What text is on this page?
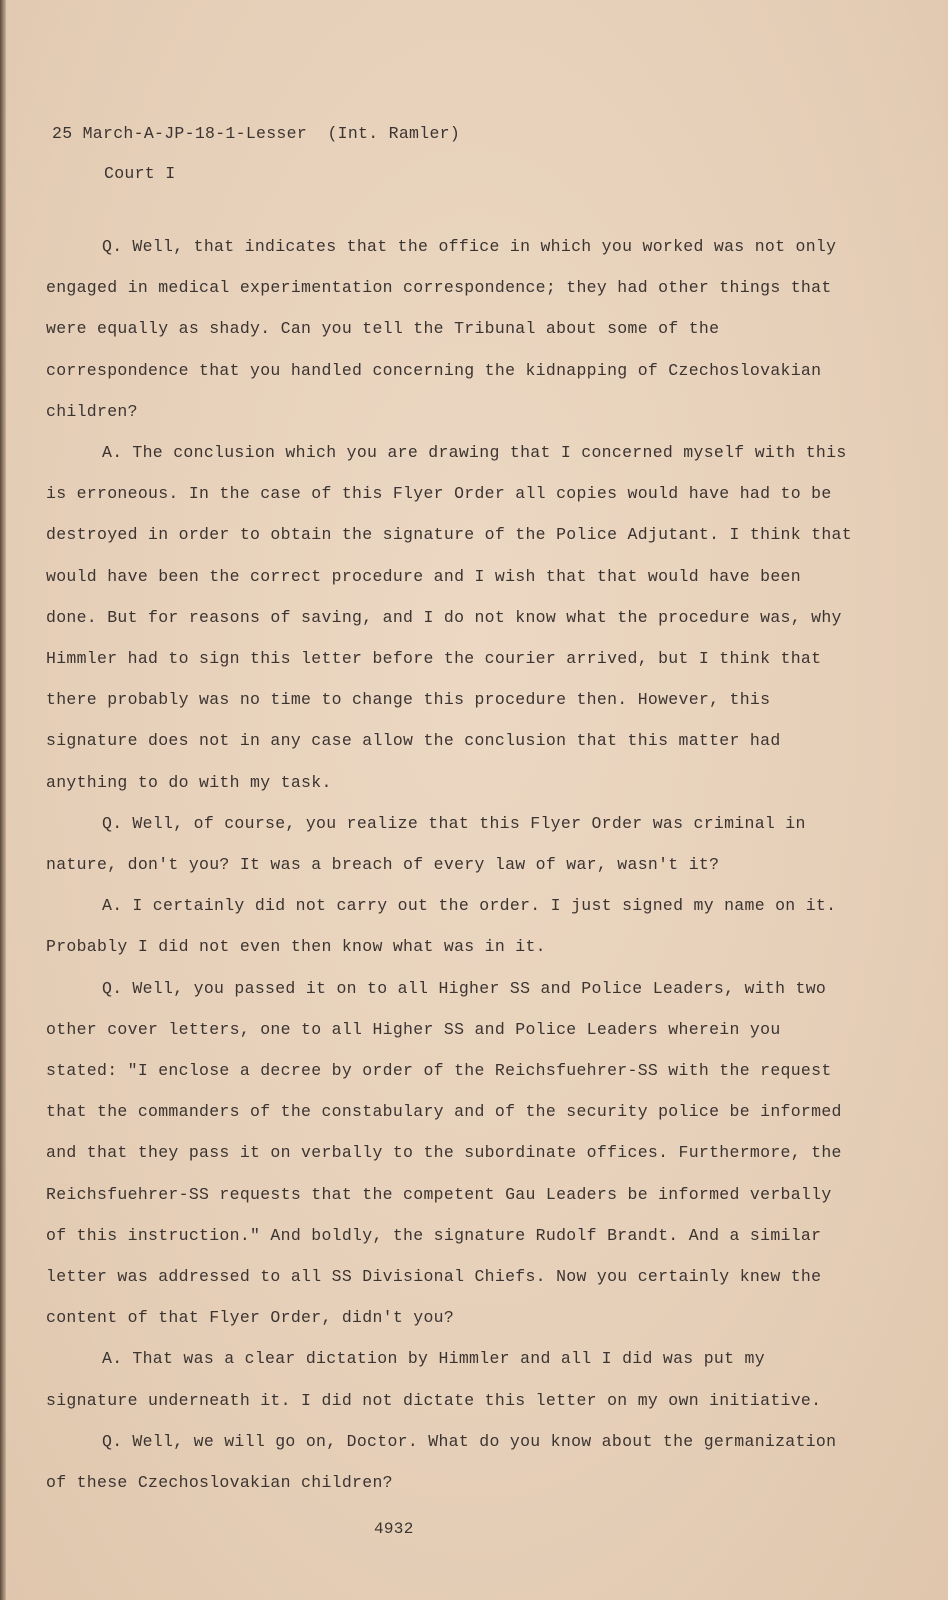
25 March-A-JP-18-1-Lesser  (Int. Ramler)
Court I

Q. Well, that indicates that the office in which you worked was not only engaged in medical experimentation correspondence; they had other things that were equally as shady. Can you tell the Tribunal about some of the correspondence that you handled concerning the kidnapping of Czechoslovakian children?

A. The conclusion which you are drawing that I concerned myself with this is erroneous. In the case of this Flyer Order all copies would have had to be destroyed in order to obtain the signature of the Police Adjutant. I think that would have been the correct procedure and I wish that that would have been done. But for reasons of saving, and I do not know what the procedure was, why Himmler had to sign this letter before the courier arrived, but I think that there probably was no time to change this procedure then. However, this signature does not in any case allow the conclusion that this matter had anything to do with my task.

Q. Well, of course, you realize that this Flyer Order was criminal in nature, don't you? It was a breach of every law of war, wasn't it?

A. I certainly did not carry out the order. I just signed my name on it. Probably I did not even then know what was in it.

Q. Well, you passed it on to all Higher SS and Police Leaders, with two other cover letters, one to all Higher SS and Police Leaders wherein you stated: "I enclose a decree by order of the Reichsfuehrer-SS with the request that the commanders of the constabulary and of the security police be informed and that they pass it on verbally to the subordinate offices. Furthermore, the Reichsfuehrer-SS requests that the competent Gau Leaders be informed verbally of this instruction." And boldly, the signature Rudolf Brandt. And a similar letter was addressed to all SS Divisional Chiefs. Now you certainly knew the content of that Flyer Order, didn't you?

A. That was a clear dictation by Himmler and all I did was put my signature underneath it. I did not dictate this letter on my own initiative.

Q. Well, we will go on, Doctor. What do you know about the germanization of these Czechoslovakian children?

4932
